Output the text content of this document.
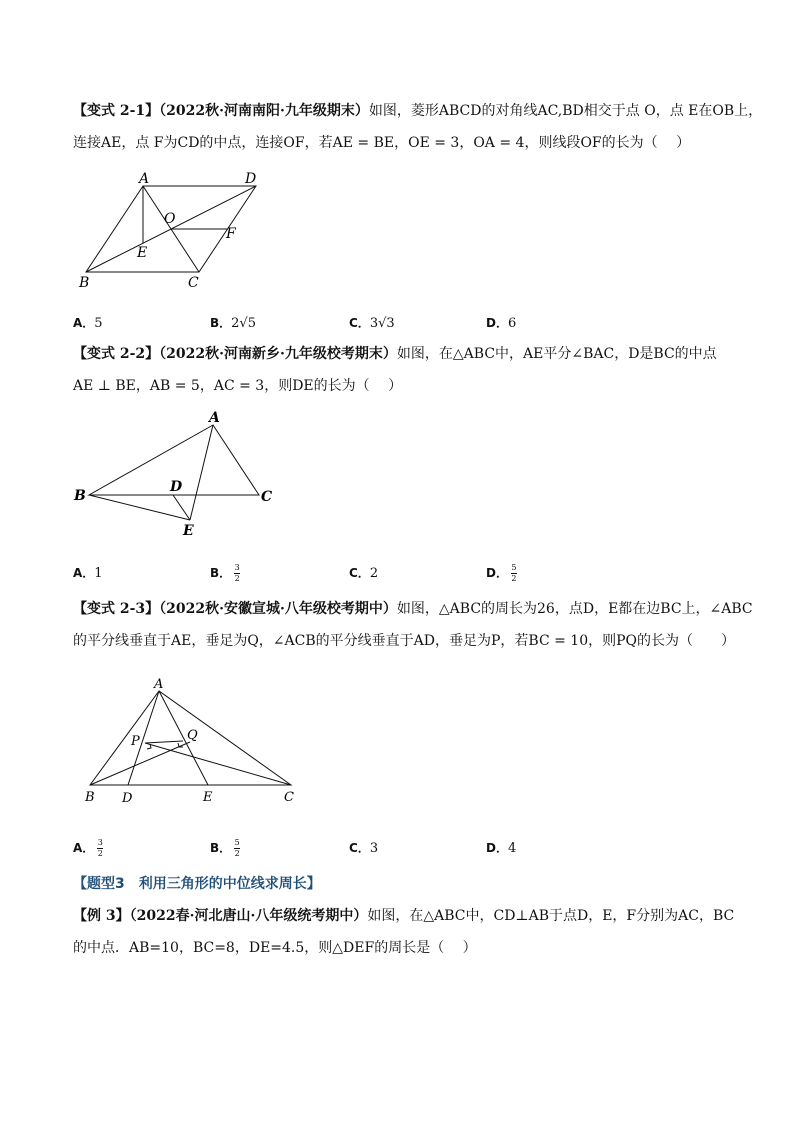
【变式 2-1】（2022秋·河南南阳·九年级期末）如图，菱形ABCD的对角线AC,BD相交于点 O，点 E在OB上，
连接AE，点 F为CD的中点，连接OF，若AE = BE，OE = 3，OA = 4，则线段OF的长为（　 ）
A	D
O
F
E
B	C
A．5	B．2√5	C．3√3	D．6
【变式 2-2】（2022秋·河南新乡·九年级校考期末）如图，在△ABC中，AE平分∠BAC，D是BC的中点
AE ⊥ BE，AB = 5，AC = 3，则DE的长为（　 ）
A
B	C
D
E
A．1	B． $\frac{3}{2}$	C．2	D． $\frac{5}{2}$
【变式 2-3】（2022秋·安徽宣城·八年级校考期中）如图，△ABC的周长为26，点D，E都在边BC上，∠ABC
的平分线垂直于AE，垂足为Q，∠ACB的平分线垂直于AD，垂足为P，若BC = 10，则PQ的长为（　　）
A
P	Q
B D	E	C
A． $\frac{3}{2}$	B． $\frac{5}{2}$	C．3	D．4
【题型3　利用三角形的中位线求周长】
【例 3】（2022春·河北唐山·八年级统考期中）如图，在△ABC中，CD⊥AB于点D，E，F分别为AC，BC
的中点．AB=10，BC=8，DE=4.5，则△DEF的周长是（　 ）
